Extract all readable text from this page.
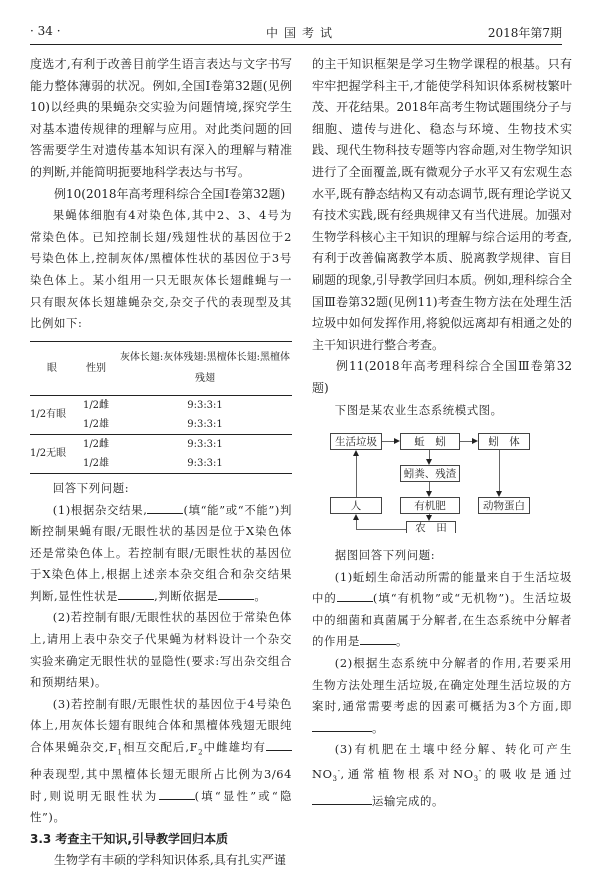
· 34 ·	中国考试	2018年第7期

度选才,有利于改善目前学生语言表达与文字书写能力整体薄弱的状况。例如,全国Ⅰ卷第32题(见例10)以经典的果蝇杂交实验为问题情境,探究学生对基本遗传规律的理解与应用。对此类问题的回答需要学生对遗传基本知识有深入的理解与精准的判断,并能简明扼要地科学表达与书写。

例10(2018年高考理科综合全国Ⅰ卷第32题)

果蝇体细胞有4对染色体,其中2、3、4号为常染色体。已知控制长翅/残翅性状的基因位于2号染色体上,控制灰体/黑檀体性状的基因位于3号染色体上。某小组用一只无眼灰体长翅雌蝇与一只有眼灰体长翅雄蝇杂交,杂交子代的表现型及其比例如下:

眼	性别	灰体长翅:灰体残翅:黑檀体长翅:黑檀体残翅
1/2有眼	1/2雌	9:3:3:1
	1/2雄	9:3:3:1
1/2无眼	1/2雌	9:3:3:1
	1/2雄	9:3:3:1

回答下列问题:

(1)根据杂交结果,	(填“能”或“不能”)判断控制果蝇有眼/无眼性状的基因是位于X染色体还是常染色体上。若控制有眼/无眼性状的基因位于X染色体上,根据上述亲本杂交组合和杂交结果判断,显性性状是	,判断依据是	。

(2)若控制有眼/无眼性状的基因位于常染色体上,请用上表中杂交子代果蝇为材料设计一个杂交实验来确定无眼性状的显隐性(要求:写出杂交组合和预期结果)。

(3)若控制有眼/无眼性状的基因位于4号染色体上,用灰体长翅有眼纯合体和黑檀体残翅无眼纯合体果蝇杂交$,F_1$相互交配后$,F_2$中雌雄均有种表现型,其中黑檀体长翅无眼所占比例为3/64时,则说明无眼性状为	(填“显性”或“隐性”)。

3.3 考查主干知识,引导教学回归本质

生物学有丰硕的学科知识体系,具有扎实严谨

的主干知识框架是学习生物学课程的根基。只有牢牢把握学科主干,才能使学科知识体系树枝繁叶茂、开花结果。2018年高考生物试题围绕分子与细胞、遗传与进化、稳态与环境、生物技术实践、现代生物科技专题等内容命题,对生物学知识进行了全面覆盖,既有微观分子水平又有宏观生态水平,既有静态结构又有动态调节,既有理论学说又有技术实践,既有经典规律又有当代进展。加强对生物学科核心主干知识的理解与综合运用的考查,有利于改善偏离教学本质、脱离教学规律、盲目刷题的现象,引导教学回归本质。例如,理科综合全国Ⅲ卷第32题(见例11)考查生物方法在处理生活垃圾中如何发挥作用,将貌似远离却有相通之处的主干知识进行整合考查。

例11(2018年高考理科综合全国Ⅲ卷第32题)

下图是某农业生态系统模式图。

生活垃圾	蚯　蚓	蚓　体
蚓粪、残渣
人	有机肥	动物蛋白
农　田

据图回答下列问题:

(1)蚯蚓生命活动所需的能量来自于生活垃圾中的	(填“有机物”或“无机物”)。生活垃圾中的细菌和真菌属于分解者,在生态系统中分解者的作用是	。

(2)根据生态系统中分解者的作用,若要采用生物方法处理生活垃圾,在确定处理生活垃圾的方案时,通常需要考虑的因素可概括为3个方面,即。

(3)有机肥在土壤中经分解、转化可产生$NO_3^-$,通常植物根系对$NO_3^-$的吸收是通过运输完成的。
